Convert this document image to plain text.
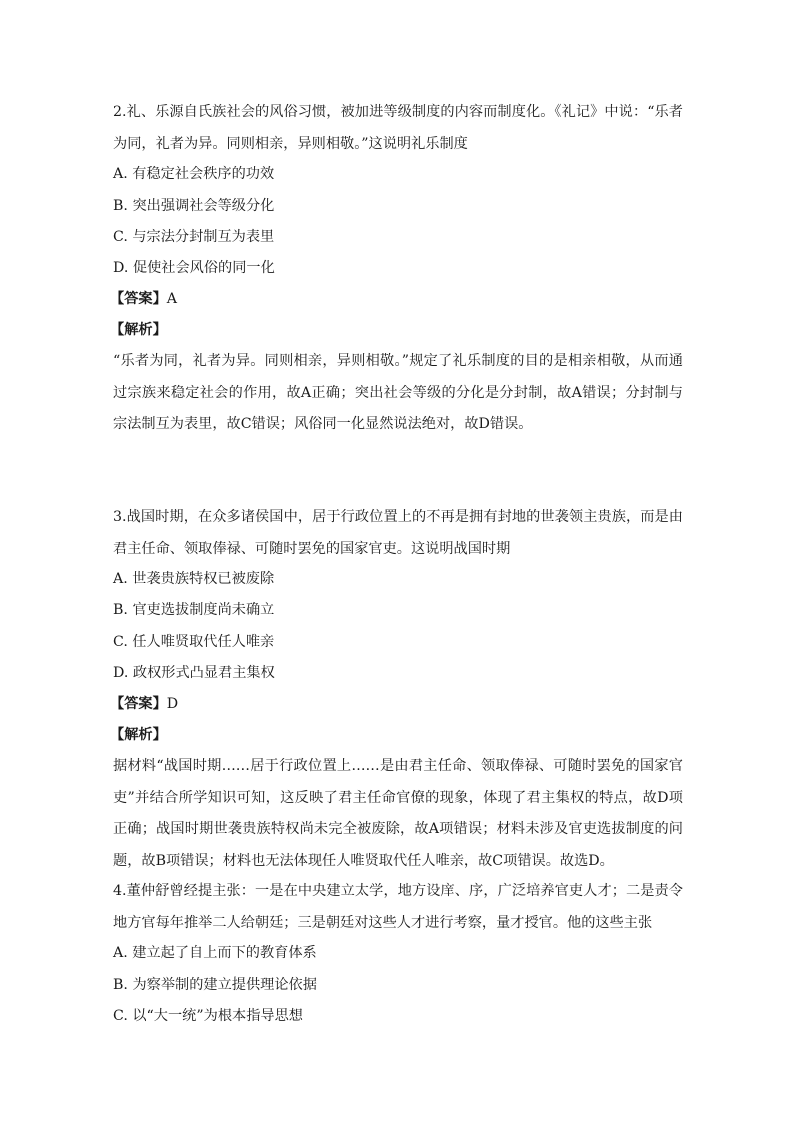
2.礼、乐源自氏族社会的风俗习惯，被加进等级制度的内容而制度化。《礼记》中说：“乐者为同，礼者为异。同则相亲，异则相敬。”这说明礼乐制度

A. 有稳定社会秩序的功效

B. 突出强调社会等级分化

C. 与宗法分封制互为表里

D. 促使社会风俗的同一化

【答案】A

【解析】

“乐者为同，礼者为异。同则相亲，异则相敬。”规定了礼乐制度的目的是相亲相敬，从而通过宗族来稳定社会的作用，故A正确；突出社会等级的分化是分封制，故A错误；分封制与宗法制互为表里，故C错误；风俗同一化显然说法绝对，故D错误。

3.战国时期，在众多诸侯国中，居于行政位置上的不再是拥有封地的世袭领主贵族，而是由君主任命、领取俸禄、可随时罢免的国家官吏。这说明战国时期

A. 世袭贵族特权已被废除

B. 官吏选拔制度尚未确立

C. 任人唯贤取代任人唯亲

D. 政权形式凸显君主集权

【答案】D

【解析】

据材料“战国时期……居于行政位置上……是由君主任命、领取俸禄、可随时罢免的国家官吏”并结合所学知识可知，这反映了君主任命官僚的现象，体现了君主集权的特点，故D项正确；战国时期世袭贵族特权尚未完全被废除，故A项错误；材料未涉及官吏选拔制度的问题，故B项错误；材料也无法体现任人唯贤取代任人唯亲，故C项错误。故选D。

4.董仲舒曾经提主张：一是在中央建立太学，地方设庠、序，广泛培养官吏人才；二是责令地方官每年推举二人给朝廷；三是朝廷对这些人才进行考察，量才授官。他的这些主张

A. 建立起了自上而下的教育体系

B. 为察举制的建立提供理论依据

C. 以“大一统”为根本指导思想
